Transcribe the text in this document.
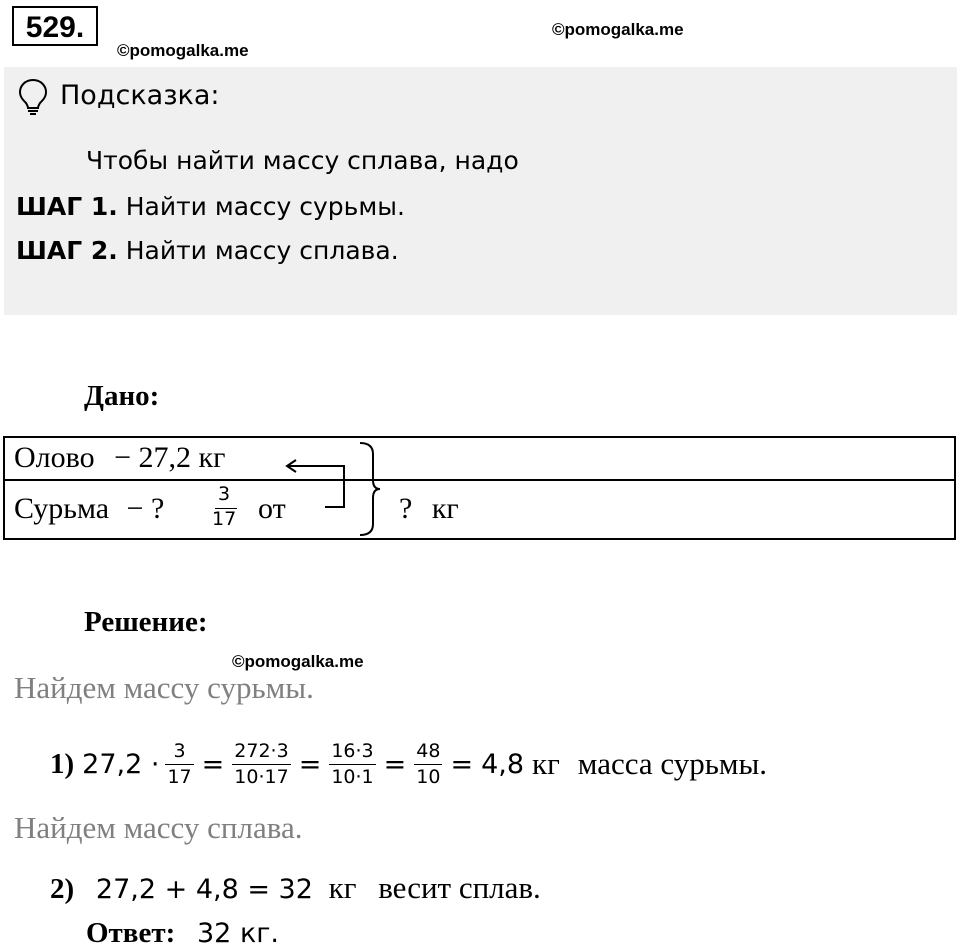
529.
©pomogalka.me
©pomogalka.me
Подсказка:
Чтобы найти массу сплава, надо
ШАГ 1. Найти массу сурьмы.
ШАГ 2. Найти массу сплава.
Дано:
Олово − 27,2 кг
Сурьма − ?	3
17 от	? кг
Решение:
©pomogalka.me
Найдем массу сурьмы.
1) $27,2 \cdot \frac{3}{17} = \frac{272\cdot 3}{10\cdot 17} = \frac{16\cdot 3}{10\cdot 1} = \frac{48}{10} = 4,8$ кг масса сурьмы.
Найдем массу сплава.
2) 27,2 + 4,8 = 32 кг весит сплав.
Ответ: 32 кг.
